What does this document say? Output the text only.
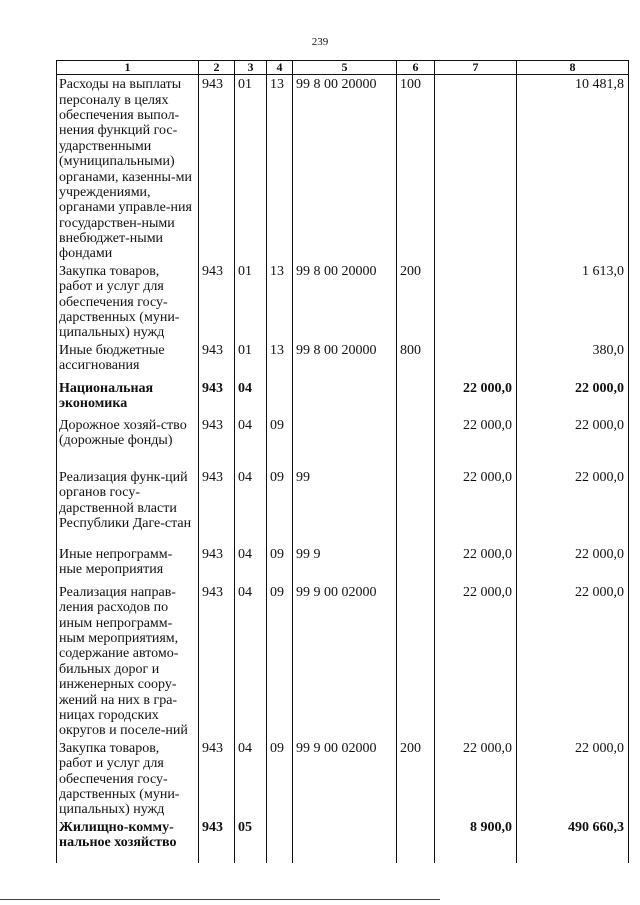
239
1	2	3	4	5	6	7	8
Расходы на выплаты персоналу в целях обеспечения выпол-нения функций гос-ударственными (муниципальными) органами, казенны-ми учреждениями, органами управле-ния государствен-ными внебюджет-ными фондами	943	01	13	99 8 00 20000	100		10 481,8
Закупка товаров, работ и услуг для обеспечения госу-дарственных (муни-ципальных) нужд	943	01	13	99 8 00 20000	200		1 613,0
Иные бюджетные ассигнования	943	01	13	99 8 00 20000	800		380,0
Национальная экономика	943	04				22 000,0	22 000,0
Дорожное хозяй-ство (дорожные фонды)	943	04	09			22 000,0	22 000,0
Реализация функ-ций органов госу-дарственной власти Республики Даге-стан	943	04	09	99		22 000,0	22 000,0
Иные непрограмм-ные мероприятия	943	04	09	99 9		22 000,0	22 000,0
Реализация направ-ления расходов по иным непрограмм-ным мероприятиям, содержание автомо-бильных дорог и инженерных соору-жений на них в гра-ницах городских округов и поселе-ний	943	04	09	99 9 00 02000		22 000,0	22 000,0
Закупка товаров, работ и услуг для обеспечения госу-дарственных (муни-ципальных) нужд	943	04	09	99 9 00 02000	200	22 000,0	22 000,0
Жилищно-комму-нальное хозяйство	943	05				8 900,0	490 660,3
